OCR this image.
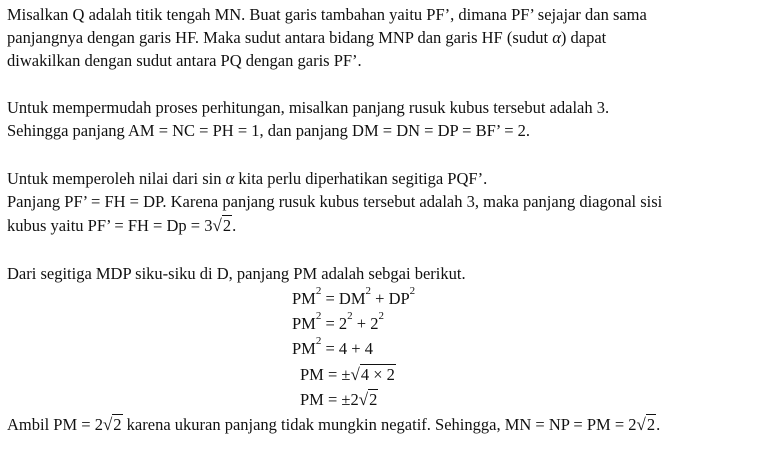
Misalkan Q adalah titik tengah MN. Buat garis tambahan yaitu PF’, dimana PF’ sejajar dan sama
panjangnya dengan garis HF. Maka sudut antara bidang MNP dan garis HF (sudut α) dapat
diwakilkan dengan sudut antara PQ dengan garis PF’.
Untuk mempermudah proses perhitungan, misalkan panjang rusuk kubus tersebut adalah 3.
Sehingga panjang AM = NC = PH = 1, dan panjang DM = DN = DP = BF’ = 2.
Untuk memperoleh nilai dari sin α kita perlu diperhatikan segitiga PQF’.
Panjang PF’ = FH = DP. Karena panjang rusuk kubus tersebut adalah 3, maka panjang diagonal sisi
kubus yaitu PF’ = FH = Dp = 3√2.
Dari segitiga MDP siku-siku di D, panjang PM adalah sebgai berikut.
$PM^2 = DM^2 + DP^2$
$PM^2 = 2^2 + 2^2$
$PM^2 = 4 + 4$
PM = ±√4 × 2
PM = ±2√2
Ambil PM = 2√2 karena ukuran panjang tidak mungkin negatif. Sehingga, MN = NP = PM = 2√2.
